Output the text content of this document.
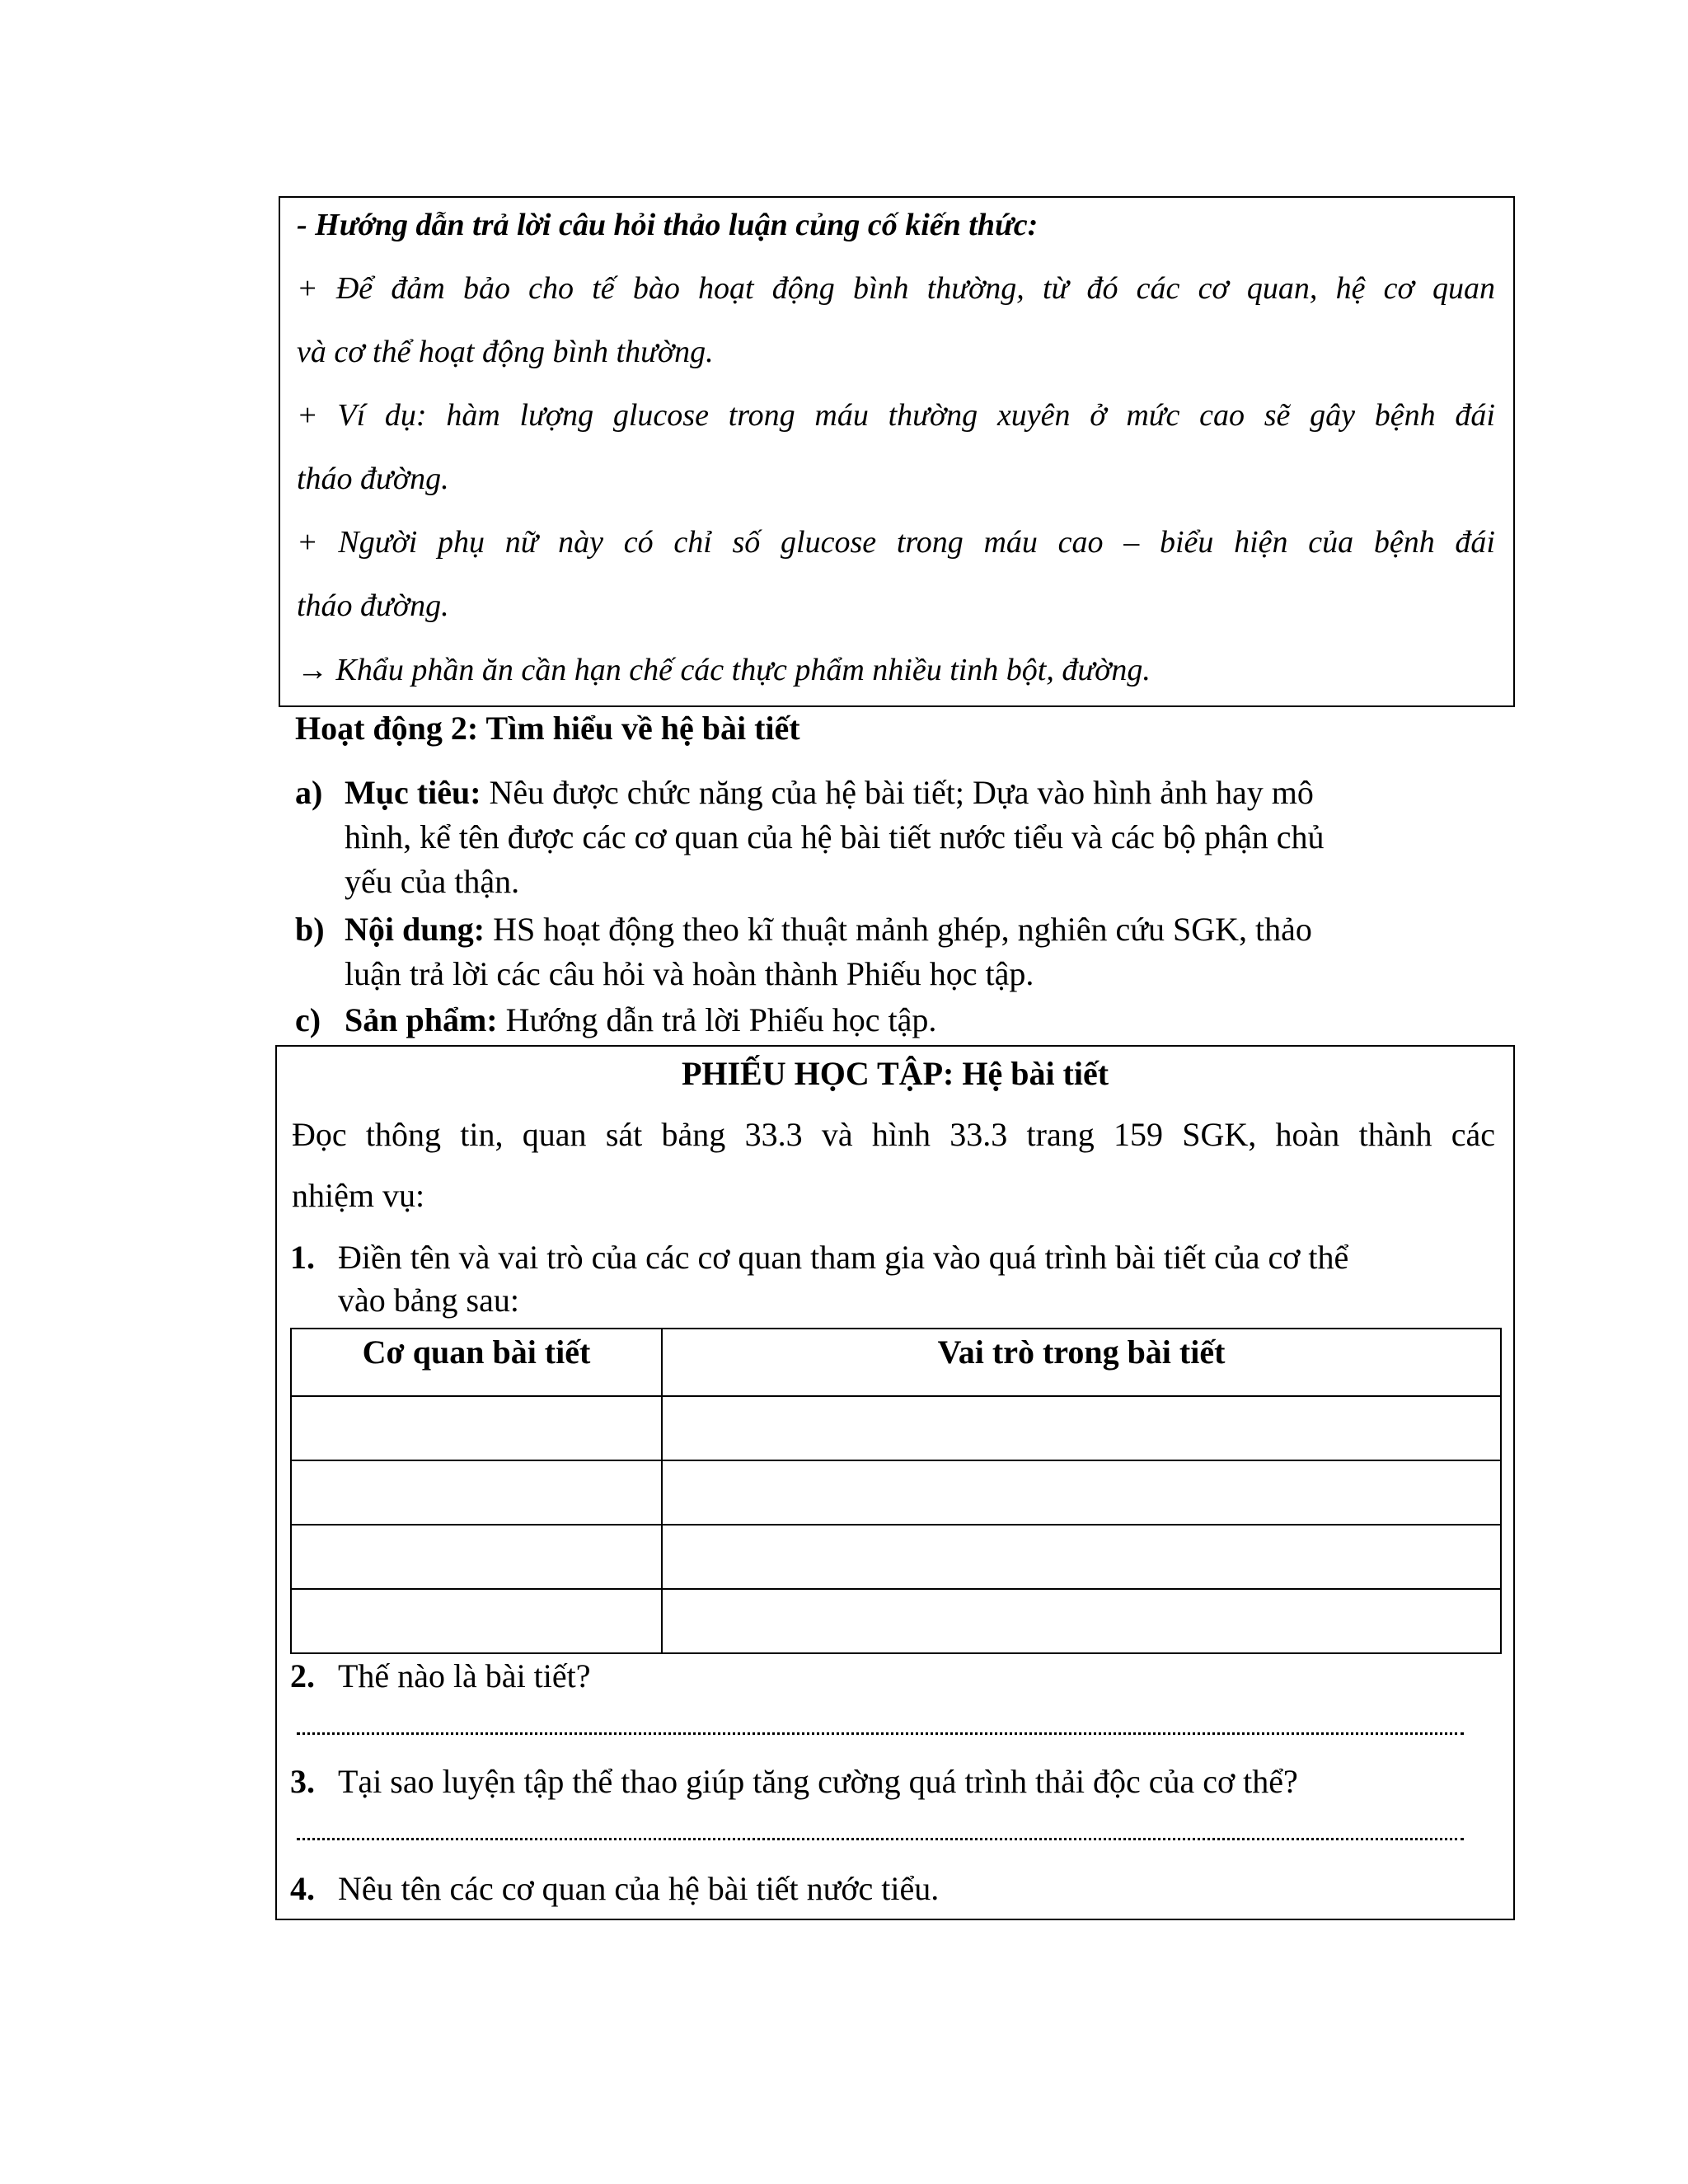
- Hướng dẫn trả lời câu hỏi thảo luận củng cố kiến thức:
+ Để đảm bảo cho tế bào hoạt động bình thường, từ đó các cơ quan, hệ cơ quan
và cơ thể hoạt động bình thường.
+ Ví dụ: hàm lượng glucose trong máu thường xuyên ở mức cao sẽ gây bệnh đái
tháo đường.
+ Người phụ nữ này có chỉ số glucose trong máu cao – biểu hiện của bệnh đái
tháo đường.
→ Khẩu phần ăn cần hạn chế các thực phẩm nhiều tinh bột, đường.
Hoạt động 2: Tìm hiểu về hệ bài tiết
a) Mục tiêu: Nêu được chức năng của hệ bài tiết; Dựa vào hình ảnh hay mô
hình, kể tên được các cơ quan của hệ bài tiết nước tiểu và các bộ phận chủ
yếu của thận.
b) Nội dung: HS hoạt động theo kĩ thuật mảnh ghép, nghiên cứu SGK, thảo
luận trả lời các câu hỏi và hoàn thành Phiếu học tập.
c) Sản phẩm: Hướng dẫn trả lời Phiếu học tập.
PHIẾU HỌC TẬP: Hệ bài tiết
Đọc thông tin, quan sát bảng 33.3 và hình 33.3 trang 159 SGK, hoàn thành các
nhiệm vụ:
1. Điền tên và vai trò của các cơ quan tham gia vào quá trình bài tiết của cơ thể
vào bảng sau:
Cơ quan bài tiết	Vai trò trong bài tiết

2. Thế nào là bài tiết?
3. Tại sao luyện tập thể thao giúp tăng cường quá trình thải độc của cơ thể?
4. Nêu tên các cơ quan của hệ bài tiết nước tiểu.
